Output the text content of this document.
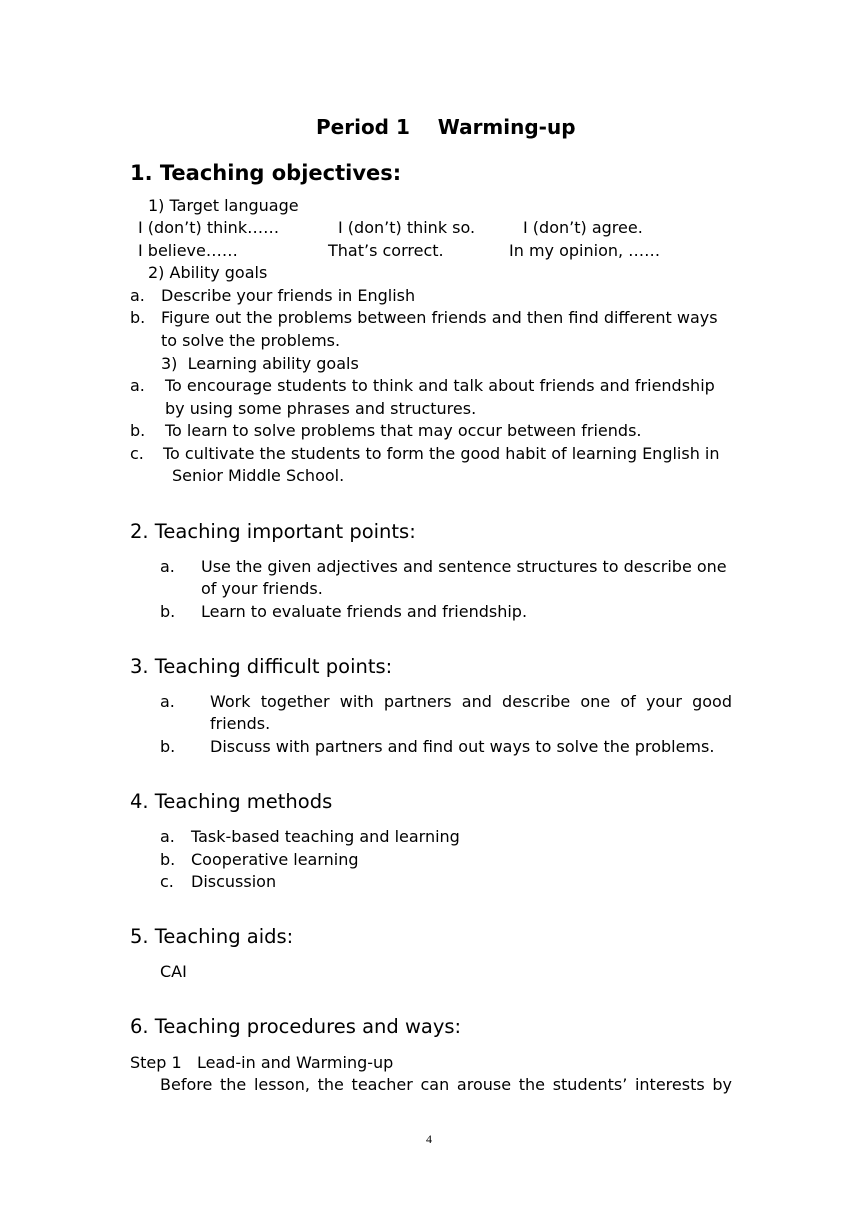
Period 1    Warming-up
1. Teaching objectives:
1) Target language
I (don’t) think……	I (don’t) think so.	I (don’t) agree.
I believe……	That’s correct.	In my opinion, ……
2) Ability goals
a. Describe your friends in English
b. Figure out the problems between friends and then find different ways
to solve the problems.
3)  Learning ability goals
a. To encourage students to think and talk about friends and friendship
by using some phrases and structures.
b. To learn to solve problems that may occur between friends.
c. To cultivate the students to form the good habit of learning English in
Senior Middle School.
2. Teaching important points:
a. Use the given adjectives and sentence structures to describe one
of your friends.
b. Learn to evaluate friends and friendship.
3. Teaching difficult points:
a. Work together with partners and describe one of your good
friends.
b. Discuss with partners and find out ways to solve the problems.
4. Teaching methods
a. Task-based teaching and learning
b. Cooperative learning
c. Discussion
5. Teaching aids:
CAI
6. Teaching procedures and ways:
Step 1   Lead-in and Warming-up
Before the lesson, the teacher can arouse the students’ interests by
4
